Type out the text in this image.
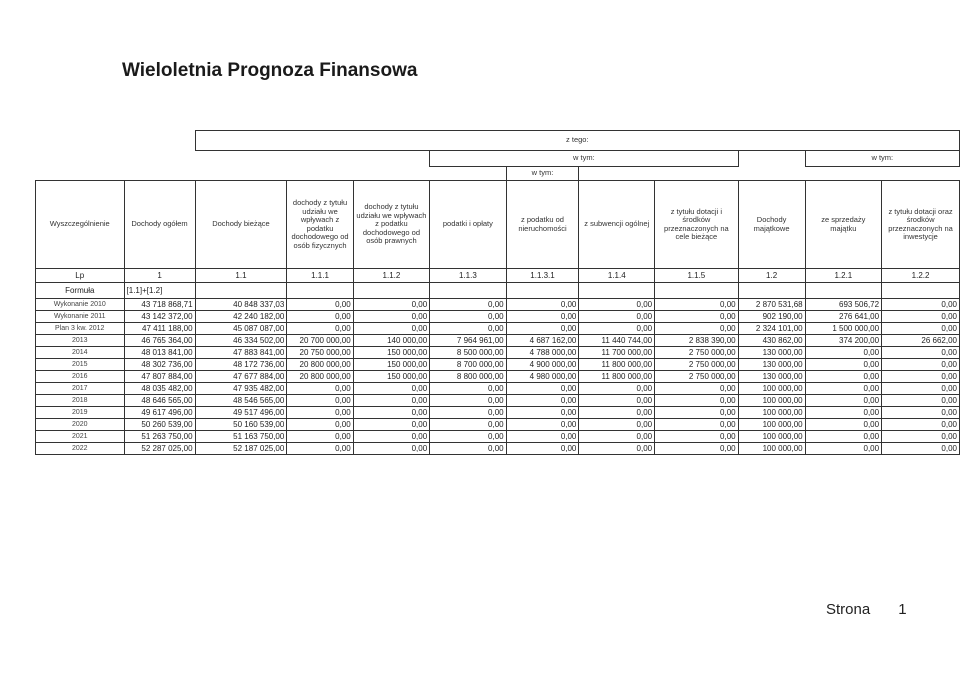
Wieloletnia Prognoza Finansowa
		z tego:									
					w tym:					w tym:	
						w tym:					
Wyszczególnienie	Dochody ogółem	Dochody bieżące	dochody z tytułu udziału we wpływach z podatku dochodowego od osób fizycznych	dochody z tytułu udziału we wpływach z podatku dochodowego od osób prawnych	podatki i opłaty	z podatku od nieruchomości	z subwencji ogólnej	z tytułu dotacji i środków przeznaczonych na cele bieżące	Dochody majątkowe	ze sprzedaży majątku	z tytułu dotacji oraz środków przeznaczonych na inwestycje
Lp	1	1.1	1.1.1	1.1.2	1.1.3	1.1.3.1	1.1.4	1.1.5	1.2	1.2.1	1.2.2
Formuła	[1.1]+[1.2]										
Wykonanie 2010	43 718 868,71	40 848 337,03	0,00	0,00	0,00	0,00	0,00	0,00	2 870 531,68	693 506,72	0,00
Wykonanie 2011	43 142 372,00	42 240 182,00	0,00	0,00	0,00	0,00	0,00	0,00	902 190,00	276 641,00	0,00
Plan 3 kw. 2012	47 411 188,00	45 087 087,00	0,00	0,00	0,00	0,00	0,00	0,00	2 324 101,00	1 500 000,00	0,00
2013	46 765 364,00	46 334 502,00	20 700 000,00	140 000,00	7 964 961,00	4 687 162,00	11 440 744,00	2 838 390,00	430 862,00	374 200,00	26 662,00
2014	48 013 841,00	47 883 841,00	20 750 000,00	150 000,00	8 500 000,00	4 788 000,00	11 700 000,00	2 750 000,00	130 000,00	0,00	0,00
2015	48 302 736,00	48 172 736,00	20 800 000,00	150 000,00	8 700 000,00	4 900 000,00	11 800 000,00	2 750 000,00	130 000,00	0,00	0,00
2016	47 807 884,00	47 677 884,00	20 800 000,00	150 000,00	8 800 000,00	4 980 000,00	11 800 000,00	2 750 000,00	130 000,00	0,00	0,00
2017	48 035 482,00	47 935 482,00	0,00	0,00	0,00	0,00	0,00	0,00	100 000,00	0,00	0,00
2018	48 646 565,00	48 546 565,00	0,00	0,00	0,00	0,00	0,00	0,00	100 000,00	0,00	0,00
2019	49 617 496,00	49 517 496,00	0,00	0,00	0,00	0,00	0,00	0,00	100 000,00	0,00	0,00
2020	50 260 539,00	50 160 539,00	0,00	0,00	0,00	0,00	0,00	0,00	100 000,00	0,00	0,00
2021	51 263 750,00	51 163 750,00	0,00	0,00	0,00	0,00	0,00	0,00	100 000,00	0,00	0,00
2022	52 287 025,00	52 187 025,00	0,00	0,00	0,00	0,00	0,00	0,00	100 000,00	0,00	0,00
Strona 1
